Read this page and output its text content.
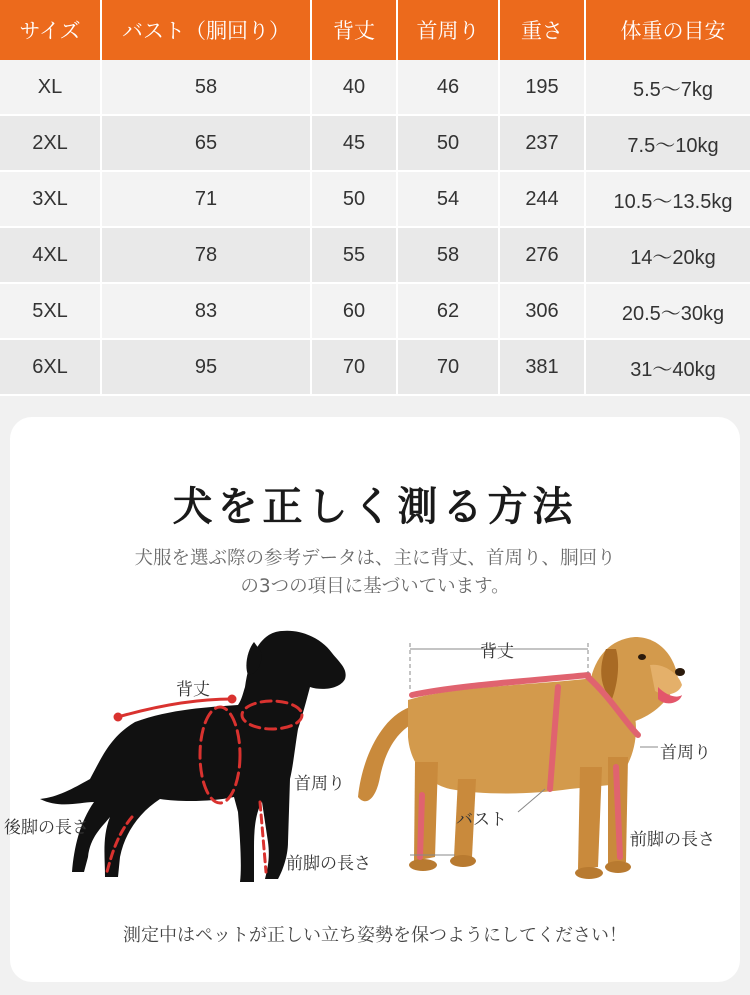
サイズ	バスト（胴回り）	背丈	首周り	重さ	体重の目安
XL	58	40	46	195	5.5～7kg
2XL	65	45	50	237	7.5～10kg
3XL	71	50	54	244	10.5～13.5kg
4XL	78	55	58	276	14～20kg
5XL	83	60	62	306	20.5～30kg
6XL	95	70	70	381	31～40kg
犬を正しく測る方法
犬服を選ぶ際の参考データは、主に背丈、首周り、胴回り
の3つの項目に基づいています。
背丈
首周り
後脚の長さ
前脚の長さ
背丈
首周り
バスト
前脚の長さ
測定中はペットが正しい立ち姿勢を保つようにしてください！
